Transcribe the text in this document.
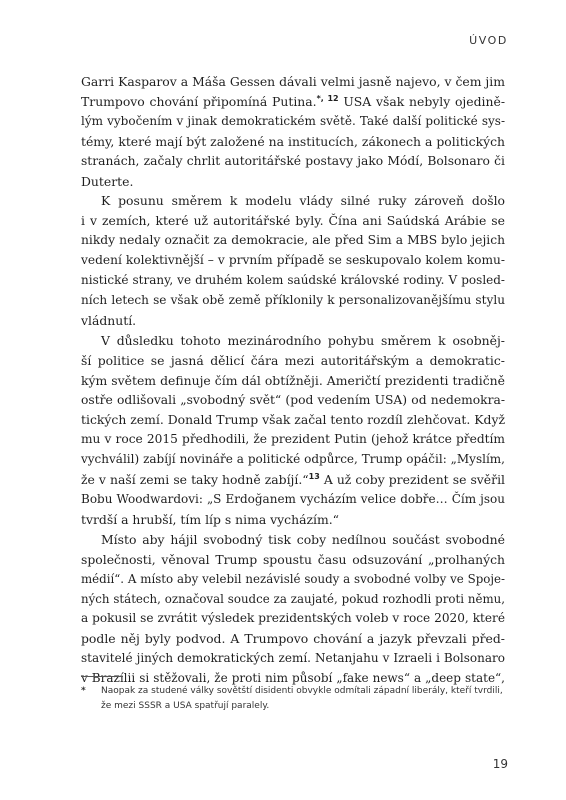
ÚVOD

Garri Kasparov a Máša Gessen dávali velmi jasně najevo, v čem jim
Trumpovo chování připomíná Putina.$^{*, 12}$ USA však nebyly ojedině-
lým vybočením v jinak demokratickém světě. Také další politické sys-
témy, které mají být založené na institucích, zákonech a politických
stranách, začaly chrlit autoritářské postavy jako Módí, Bolsonaro či
Duterte.

K posunu směrem k modelu vlády silné ruky zároveň došlo
i v zemích, které už autoritářské byly. Čína ani Saúdská Arábie se
nikdy nedaly označit za demokracie, ale před Sim a MBS bylo jejich
vedení kolektivnější – v prvním případě se seskupovalo kolem komu-
nistické strany, ve druhém kolem saúdské královské rodiny. V posled-
ních letech se však obě země příklonily k personalizovanějšímu stylu
vládnutí.

V důsledku tohoto mezinárodního pohybu směrem k osobněj-
ší politice se jasná dělicí čára mezi autoritářským a demokratic-
kým světem definuje čím dál obtížněji. Američtí prezidenti tradičně
ostře odlišovali „svobodný svět“ (pod vedením USA) od nedemokra-
tických zemí. Donald Trump však začal tento rozdíl zlehčovat. Když
mu v roce 2015 předhodili, že prezident Putin (jehož krátce předtím
vychválil) zabíjí novináře a politické odpůrce, Trump opáčil: „Myslím,
že v naší zemi se taky hodně zabíjí.“$^{13}$ A už coby prezident se svěřil
Bobu Woodwardovi: „S Erdoğanem vycházím velice dobře… Čím jsou
tvrdší a hrubší, tím líp s nima vycházím.“

Místo aby hájil svobodný tisk coby nedílnou součást svobodné
společnosti, věnoval Trump spoustu času odsuzování „prolhaných
médií“. A místo aby velebil nezávislé soudy a svobodné volby ve Spoje-
ných státech, označoval soudce za zaujaté, pokud rozhodli proti němu,
a pokusil se zvrátit výsledek prezidentských voleb v roce 2020, které
podle něj byly podvod. A Trumpovo chování a jazyk převzali před-
stavitelé jiných demokratických zemí. Netanjahu v Izraeli i Bolsonaro
v Brazílii si stěžovali, že proti nim působí „fake news“ a „deep state“,

* Naopak za studené války sovětští disidenti obvykle odmítali západní liberály, kteří tvrdili,
že mezi SSSR a USA spatřují paralely.
19
